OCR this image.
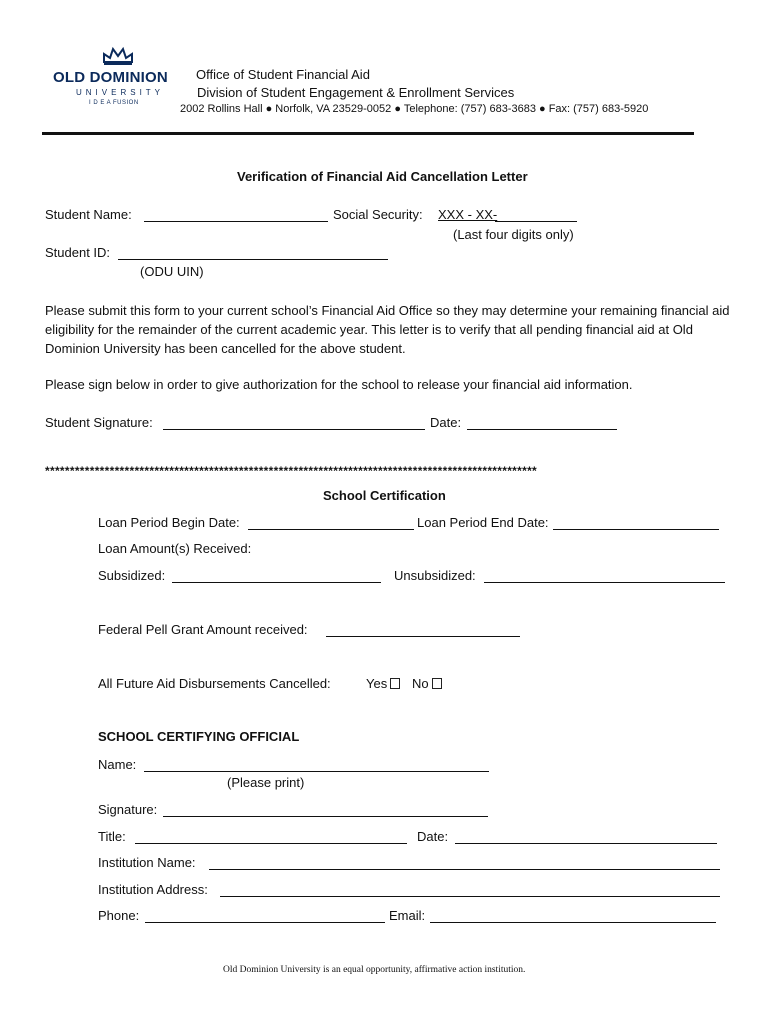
OLD DOMINION
UNIVERSITY
I D E A FUSION
Office of Student Financial Aid
Division of Student Engagement & Enrollment Services
2002 Rollins Hall ● Norfolk, VA 23529-0052 ● Telephone: (757) 683-3683 ● Fax: (757) 683-5920
Verification of Financial Aid Cancellation Letter
Student Name:	Social Security: XXX - XX-
(Last four digits only)
Student ID:
(ODU UIN)
Please submit this form to your current school’s Financial Aid Office so they may determine your remaining financial aid eligibility for the remainder of the current academic year. This letter is to verify that all pending financial aid at Old Dominion University has been cancelled for the above student.
Please sign below in order to give authorization for the school to release your financial aid information.
Student Signature:	Date:
***************************************************************************************************
School Certification
Loan Period Begin Date:	Loan Period End Date:
Loan Amount(s) Received:
Subsidized:	Unsubsidized:
Federal Pell Grant Amount received:
All Future Aid Disbursements Cancelled:	Yes	No
SCHOOL CERTIFYING OFFICIAL
Name:
(Please print)
Signature:
Title:	Date:
Institution Name:
Institution Address:
Phone:	Email:
Old Dominion University is an equal opportunity, affirmative action institution.
